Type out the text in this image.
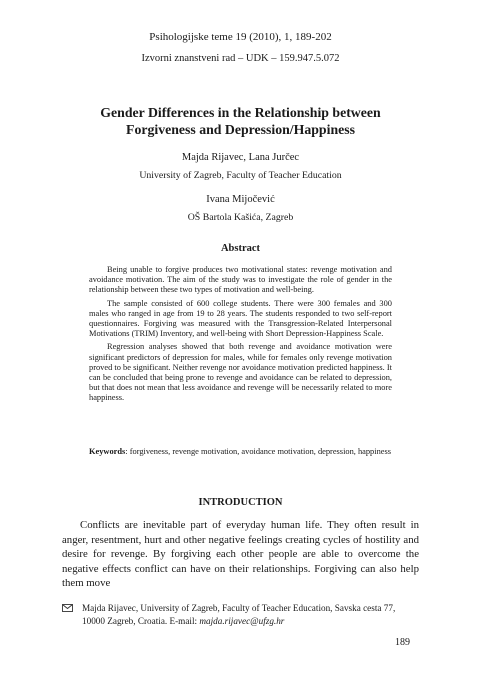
Psihologijske teme 19 (2010), 1, 189-202
Izvorni znanstveni rad – UDK – 159.947.5.072
Gender Differences in the Relationship between
Forgiveness and Depression/Happiness
Majda Rijavec, Lana Jurčec
University of Zagreb, Faculty of Teacher Education
Ivana Mijočević
OŠ Bartola Kašića, Zagreb
Abstract

Being unable to forgive produces two motivational states: revenge motivation and avoidance motivation. The aim of the study was to investigate the role of gender in the relationship between these two types of motivation and well-being.

The sample consisted of 600 college students. There were 300 females and 300 males who ranged in age from 19 to 28 years. The students responded to two self-report questionnaires. Forgiving was measured with the Transgression-Related Interpersonal Motivations (TRIM) Inventory, and well-being with Short Depression-Happiness Scale.

Regression analyses showed that both revenge and avoidance motivation were significant predictors of depression for males, while for females only revenge motivation proved to be significant. Neither revenge nor avoidance motivation predicted happiness. It can be concluded that being prone to revenge and avoidance can be related to depression, but that does not mean that less avoidance and revenge will be necessarily related to more happiness.

Keywords: forgiveness, revenge motivation, avoidance motivation, depression, happiness
INTRODUCTION

Conflicts are inevitable part of everyday human life. They often result in anger, resentment, hurt and other negative feelings creating cycles of hostility and desire for revenge. By forgiving each other people are able to overcome the negative effects conflict can have on their relationships. Forgiving can also help them move

Majda Rijavec, University of Zagreb, Faculty of Teacher Education, Savska cesta 77, 10000 Zagreb, Croatia. E-mail: majda.rijavec@ufzg.hr
189
